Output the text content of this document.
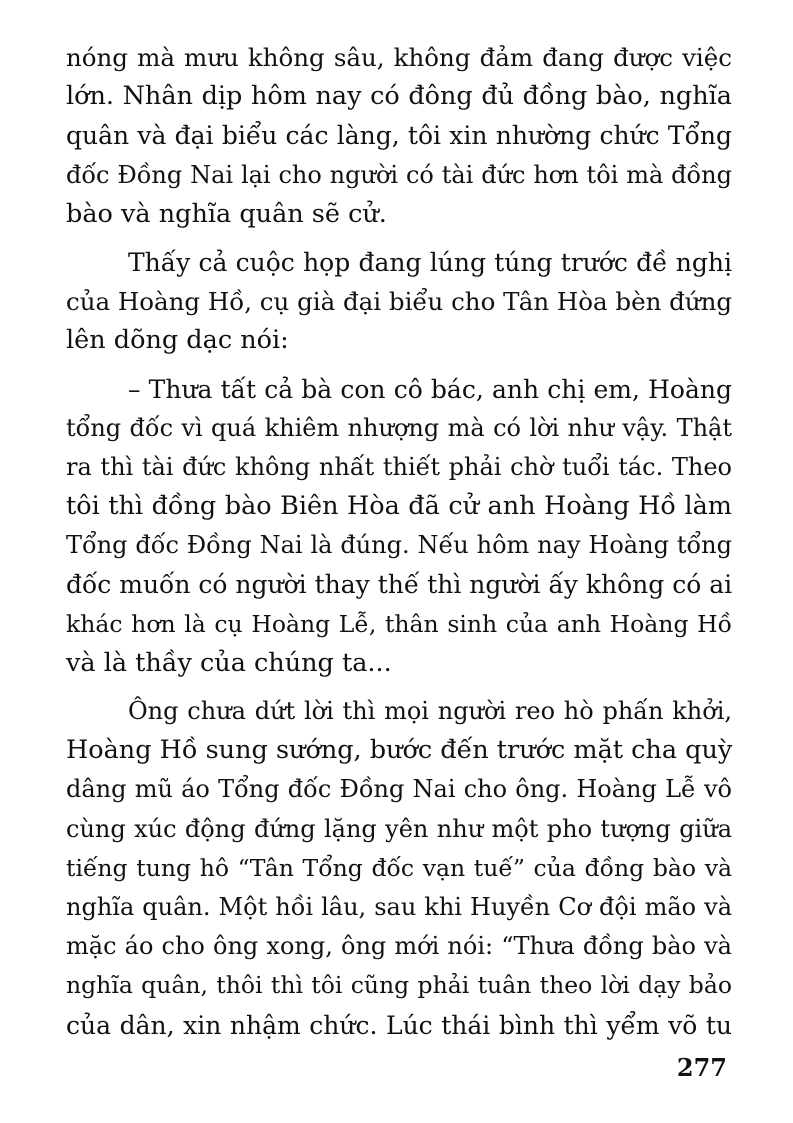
nóng mà mưu không sâu, không đảm đang được việc
lớn. Nhân dịp hôm nay có đông đủ đồng bào, nghĩa
quân và đại biểu các làng, tôi xin nhường chức Tổng
đốc Đồng Nai lại cho người có tài đức hơn tôi mà đồng
bào và nghĩa quân sẽ cử.
Thấy cả cuộc họp đang lúng túng trước đề nghị
của Hoàng Hồ, cụ già đại biểu cho Tân Hòa bèn đứng
lên dõng dạc nói:
– Thưa tất cả bà con cô bác, anh chị em, Hoàng
tổng đốc vì quá khiêm nhượng mà có lời như vậy. Thật
ra thì tài đức không nhất thiết phải chờ tuổi tác. Theo
tôi thì đồng bào Biên Hòa đã cử anh Hoàng Hồ làm
Tổng đốc Đồng Nai là đúng. Nếu hôm nay Hoàng tổng
đốc muốn có người thay thế thì người ấy không có ai
khác hơn là cụ Hoàng Lễ, thân sinh của anh Hoàng Hồ
và là thầy của chúng ta...
Ông chưa dứt lời thì mọi người reo hò phấn khởi,
Hoàng Hồ sung sướng, bước đến trước mặt cha quỳ
dâng mũ áo Tổng đốc Đồng Nai cho ông. Hoàng Lễ vô
cùng xúc động đứng lặng yên như một pho tượng giữa
tiếng tung hô “Tân Tổng đốc vạn tuế” của đồng bào và
nghĩa quân. Một hồi lâu, sau khi Huyền Cơ đội mão và
mặc áo cho ông xong, ông mới nói: “Thưa đồng bào và
nghĩa quân, thôi thì tôi cũng phải tuân theo lời dạy bảo
của dân, xin nhậm chức. Lúc thái bình thì yểm võ tu
277
